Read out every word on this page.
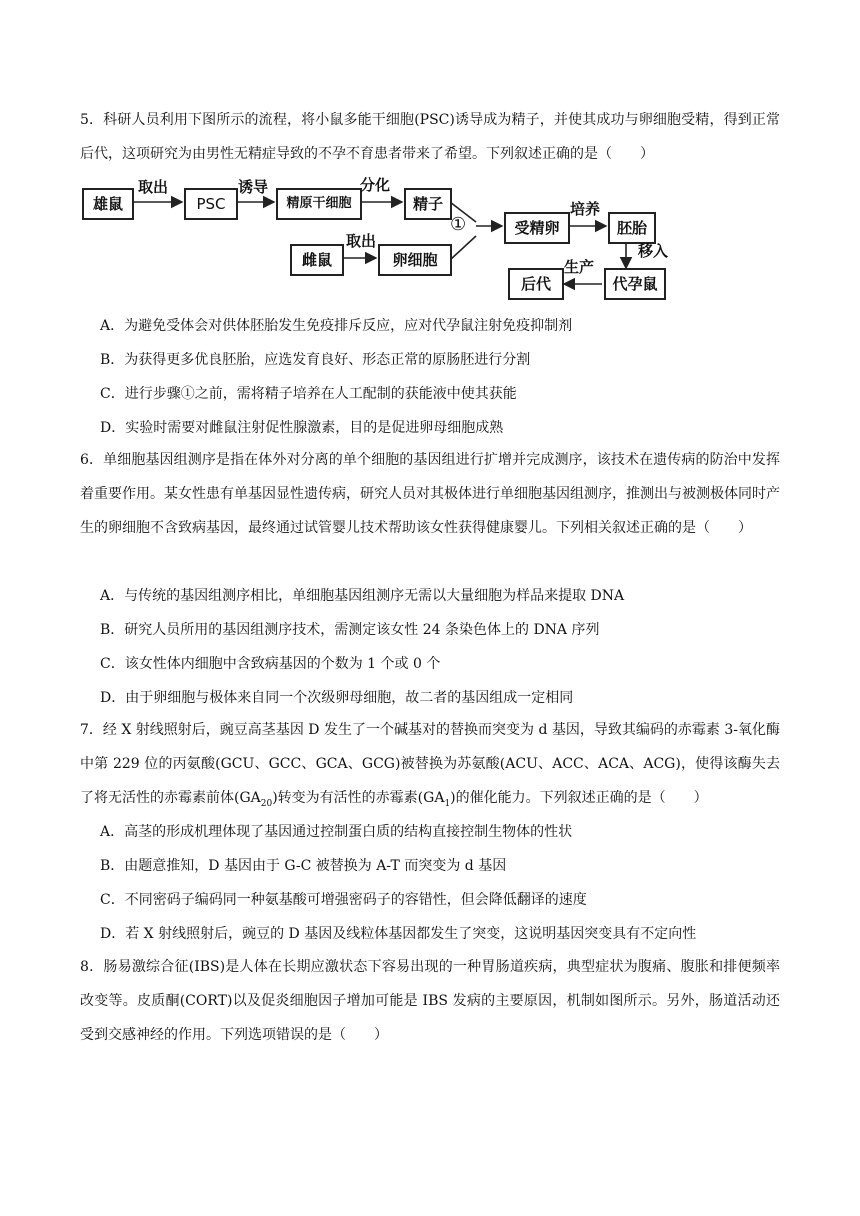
5．科研人员利用下图所示的流程，将小鼠多能干细胞(PSC)诱导成为精子，并使其成功与卵细胞受精，得到正常后代，这项研究为由男性无精症导致的不孕不育患者带来了希望。下列叙述正确的是（　　）

雄鼠
取出
PSC
诱导
精原干细胞
分化
精子
①	受精卵
培养
胚胎
雌鼠
取出
卵细胞	移入
后代
生产
代孕鼠

A．为避免受体会对供体胚胎发生免疫排斥反应，应对代孕鼠注射免疫抑制剂

B．为获得更多优良胚胎，应选发育良好、形态正常的原肠胚进行分割

C．进行步骤①之前，需将精子培养在人工配制的获能液中使其获能

D．实验时需要对雌鼠注射促性腺激素，目的是促进卵母细胞成熟

6．单细胞基因组测序是指在体外对分离的单个细胞的基因组进行扩增并完成测序，该技术在遗传病的防治中发挥着重要作用。某女性患有单基因显性遗传病，研究人员对其极体进行单细胞基因组测序，推测出与被测极体同时产生的卵细胞不含致病基因，最终通过试管婴儿技术帮助该女性获得健康婴儿。下列相关叙述正确的是（　　）

A．与传统的基因组测序相比，单细胞基因组测序无需以大量细胞为样品来提取 DNA

B．研究人员所用的基因组测序技术，需测定该女性 24 条染色体上的 DNA 序列

C．该女性体内细胞中含致病基因的个数为 1 个或 0 个

D．由于卵细胞与极体来自同一个次级卵母细胞，故二者的基因组成一定相同

7．经 X 射线照射后，豌豆高茎基因 D 发生了一个碱基对的替换而突变为 d 基因，导致其编码的赤霉素 3-氧化酶中第 229 位的丙氨酸(GCU、GCC、GCA、GCG)被替换为苏氨酸(ACU、ACC、ACA、ACG)，使得该酶失去了将无活性的赤霉素前体$(GA_{20})$转变为有活性的赤霉素$(GA_1)$的催化能力。下列叙述正确的是（　　）

A．高茎的形成机理体现了基因通过控制蛋白质的结构直接控制生物体的性状

B．由题意推知，D 基因由于 G-C 被替换为 A-T 而突变为 d 基因

C．不同密码子编码同一种氨基酸可增强密码子的容错性，但会降低翻译的速度

D．若 X 射线照射后，豌豆的 D 基因及线粒体基因都发生了突变，这说明基因突变具有不定向性

8．肠易激综合征(IBS)是人体在长期应激状态下容易出现的一种胃肠道疾病，典型症状为腹痛、腹胀和排便频率改变等。皮质酮(CORT)以及促炎细胞因子增加可能是 IBS 发病的主要原因，机制如图所示。另外，肠道活动还受到交感神经的作用。下列选项错误的是（　　）
